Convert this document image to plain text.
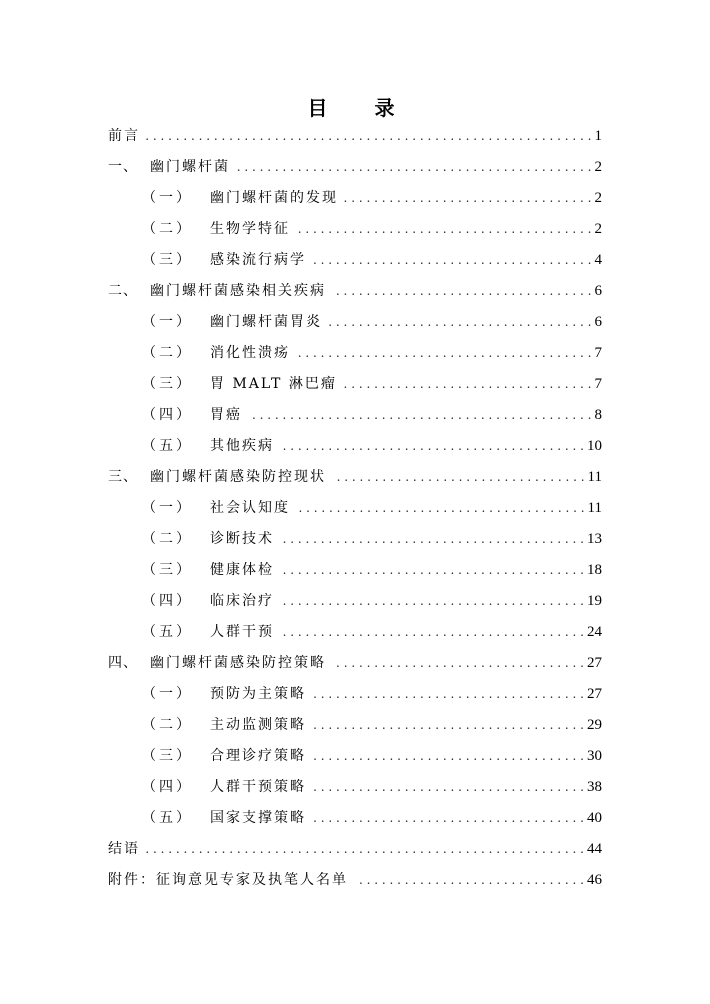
目 录
前言 . . .	1
一、 幽门螺杆菌 . . .	2
（一）	幽门螺杆菌的发现 . . .	2
（二）	生物学特征 . . .	2
（三）	感染流行病学 . . .	4
二、 幽门螺杆菌感染相关疾病 . . .	6
（一）	幽门螺杆菌胃炎 . . .	6
（二）	消化性溃疡 . . .	7
（三）	胃 MALT 淋巴瘤 . . .	7
（四）	胃癌 . . .	8
（五）	其他疾病 . . .	10
三、 幽门螺杆菌感染防控现状 . . .	11
（一）	社会认知度 . . .	11
（二）	诊断技术 . . .	13
（三）	健康体检 . . .	18
（四）	临床治疗 . . .	19
（五）	人群干预 . . .	24
四、 幽门螺杆菌感染防控策略 . . .	27
（一）	预防为主策略 . . .	27
（二）	主动监测策略 . . .	29
（三）	合理诊疗策略 . . .	30
（四）	人群干预策略 . . .	38
（五）	国家支撑策略 . . .	40
结语 . . .	44
附件：征询意见专家及执笔人名单 . . .	46
